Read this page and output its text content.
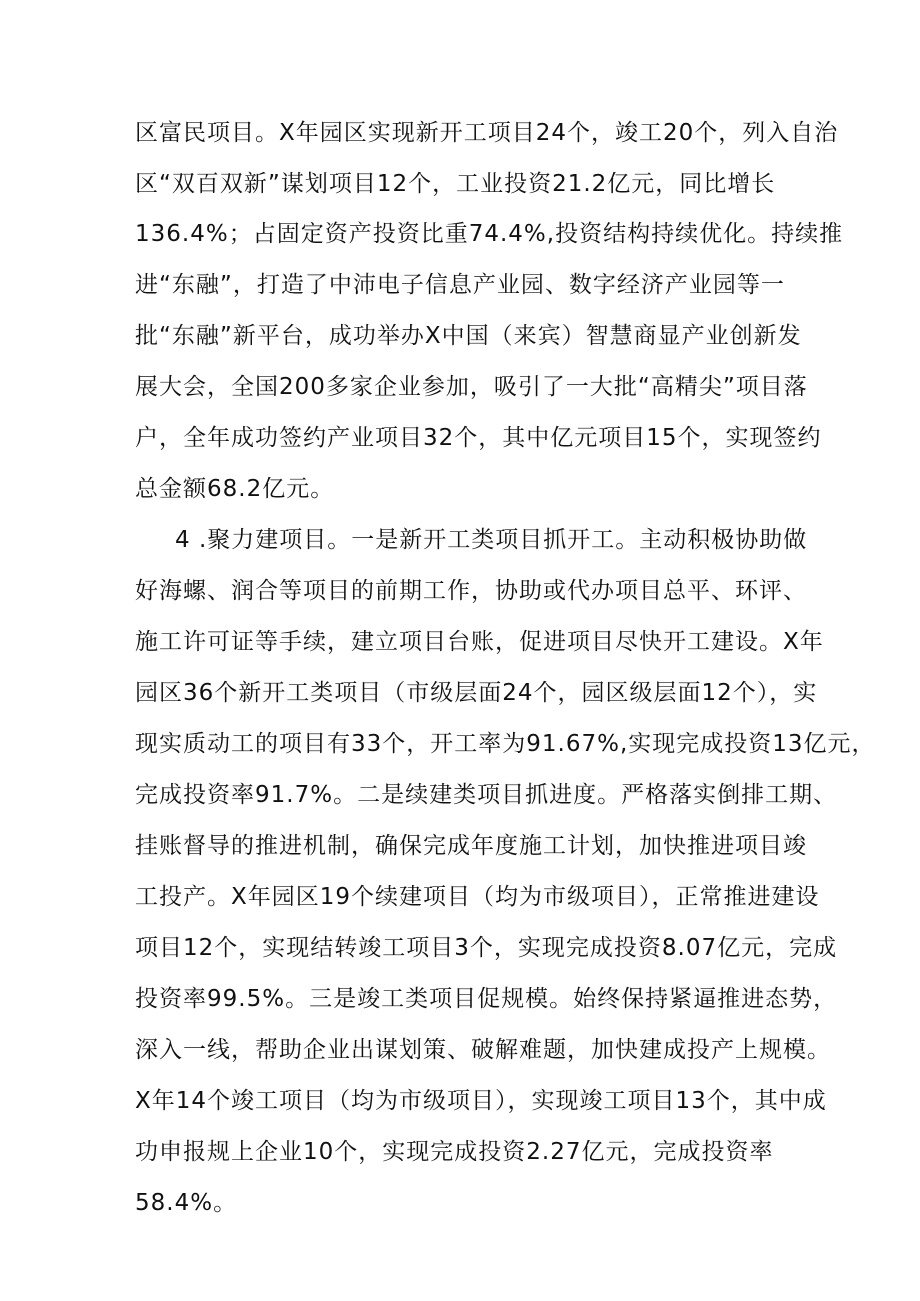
区富民项目。X年园区实现新开工项目24个，竣工20个，列入自治

区“双百双新”谋划项目12个，工业投资21.2亿元，同比增长

136.4%；占固定资产投资比重74.4%,投资结构持续优化。持续推

进“东融”，打造了中沛电子信息产业园、数字经济产业园等一

批“东融”新平台，成功举办X中国（来宾）智慧商显产业创新发

展大会，全国200多家企业参加，吸引了一大批“高精尖”项目落

户，全年成功签约产业项目32个，其中亿元项目15个，实现签约

总金额68.2亿元。

4 .聚力建项目。一是新开工类项目抓开工。主动积极协助做

好海螺、润合等项目的前期工作，协助或代办项目总平、环评、

施工许可证等手续，建立项目台账，促进项目尽快开工建设。X年

园区36个新开工类项目（市级层面24个，园区级层面12个），实

现实质动工的项目有33个，开工率为91.67%,实现完成投资13亿元，

完成投资率91.7%。二是续建类项目抓进度。严格落实倒排工期、

挂账督导的推进机制，确保完成年度施工计划，加快推进项目竣

工投产。X年园区19个续建项目（均为市级项目），正常推进建设

项目12个，实现结转竣工项目3个，实现完成投资8.07亿元，完成

投资率99.5%。三是竣工类项目促规模。始终保持紧逼推进态势，

深入一线，帮助企业出谋划策、破解难题，加快建成投产上规模。

X年14个竣工项目（均为市级项目），实现竣工项目13个，其中成

功申报规上企业10个，实现完成投资2.27亿元，完成投资率

58.4%。
